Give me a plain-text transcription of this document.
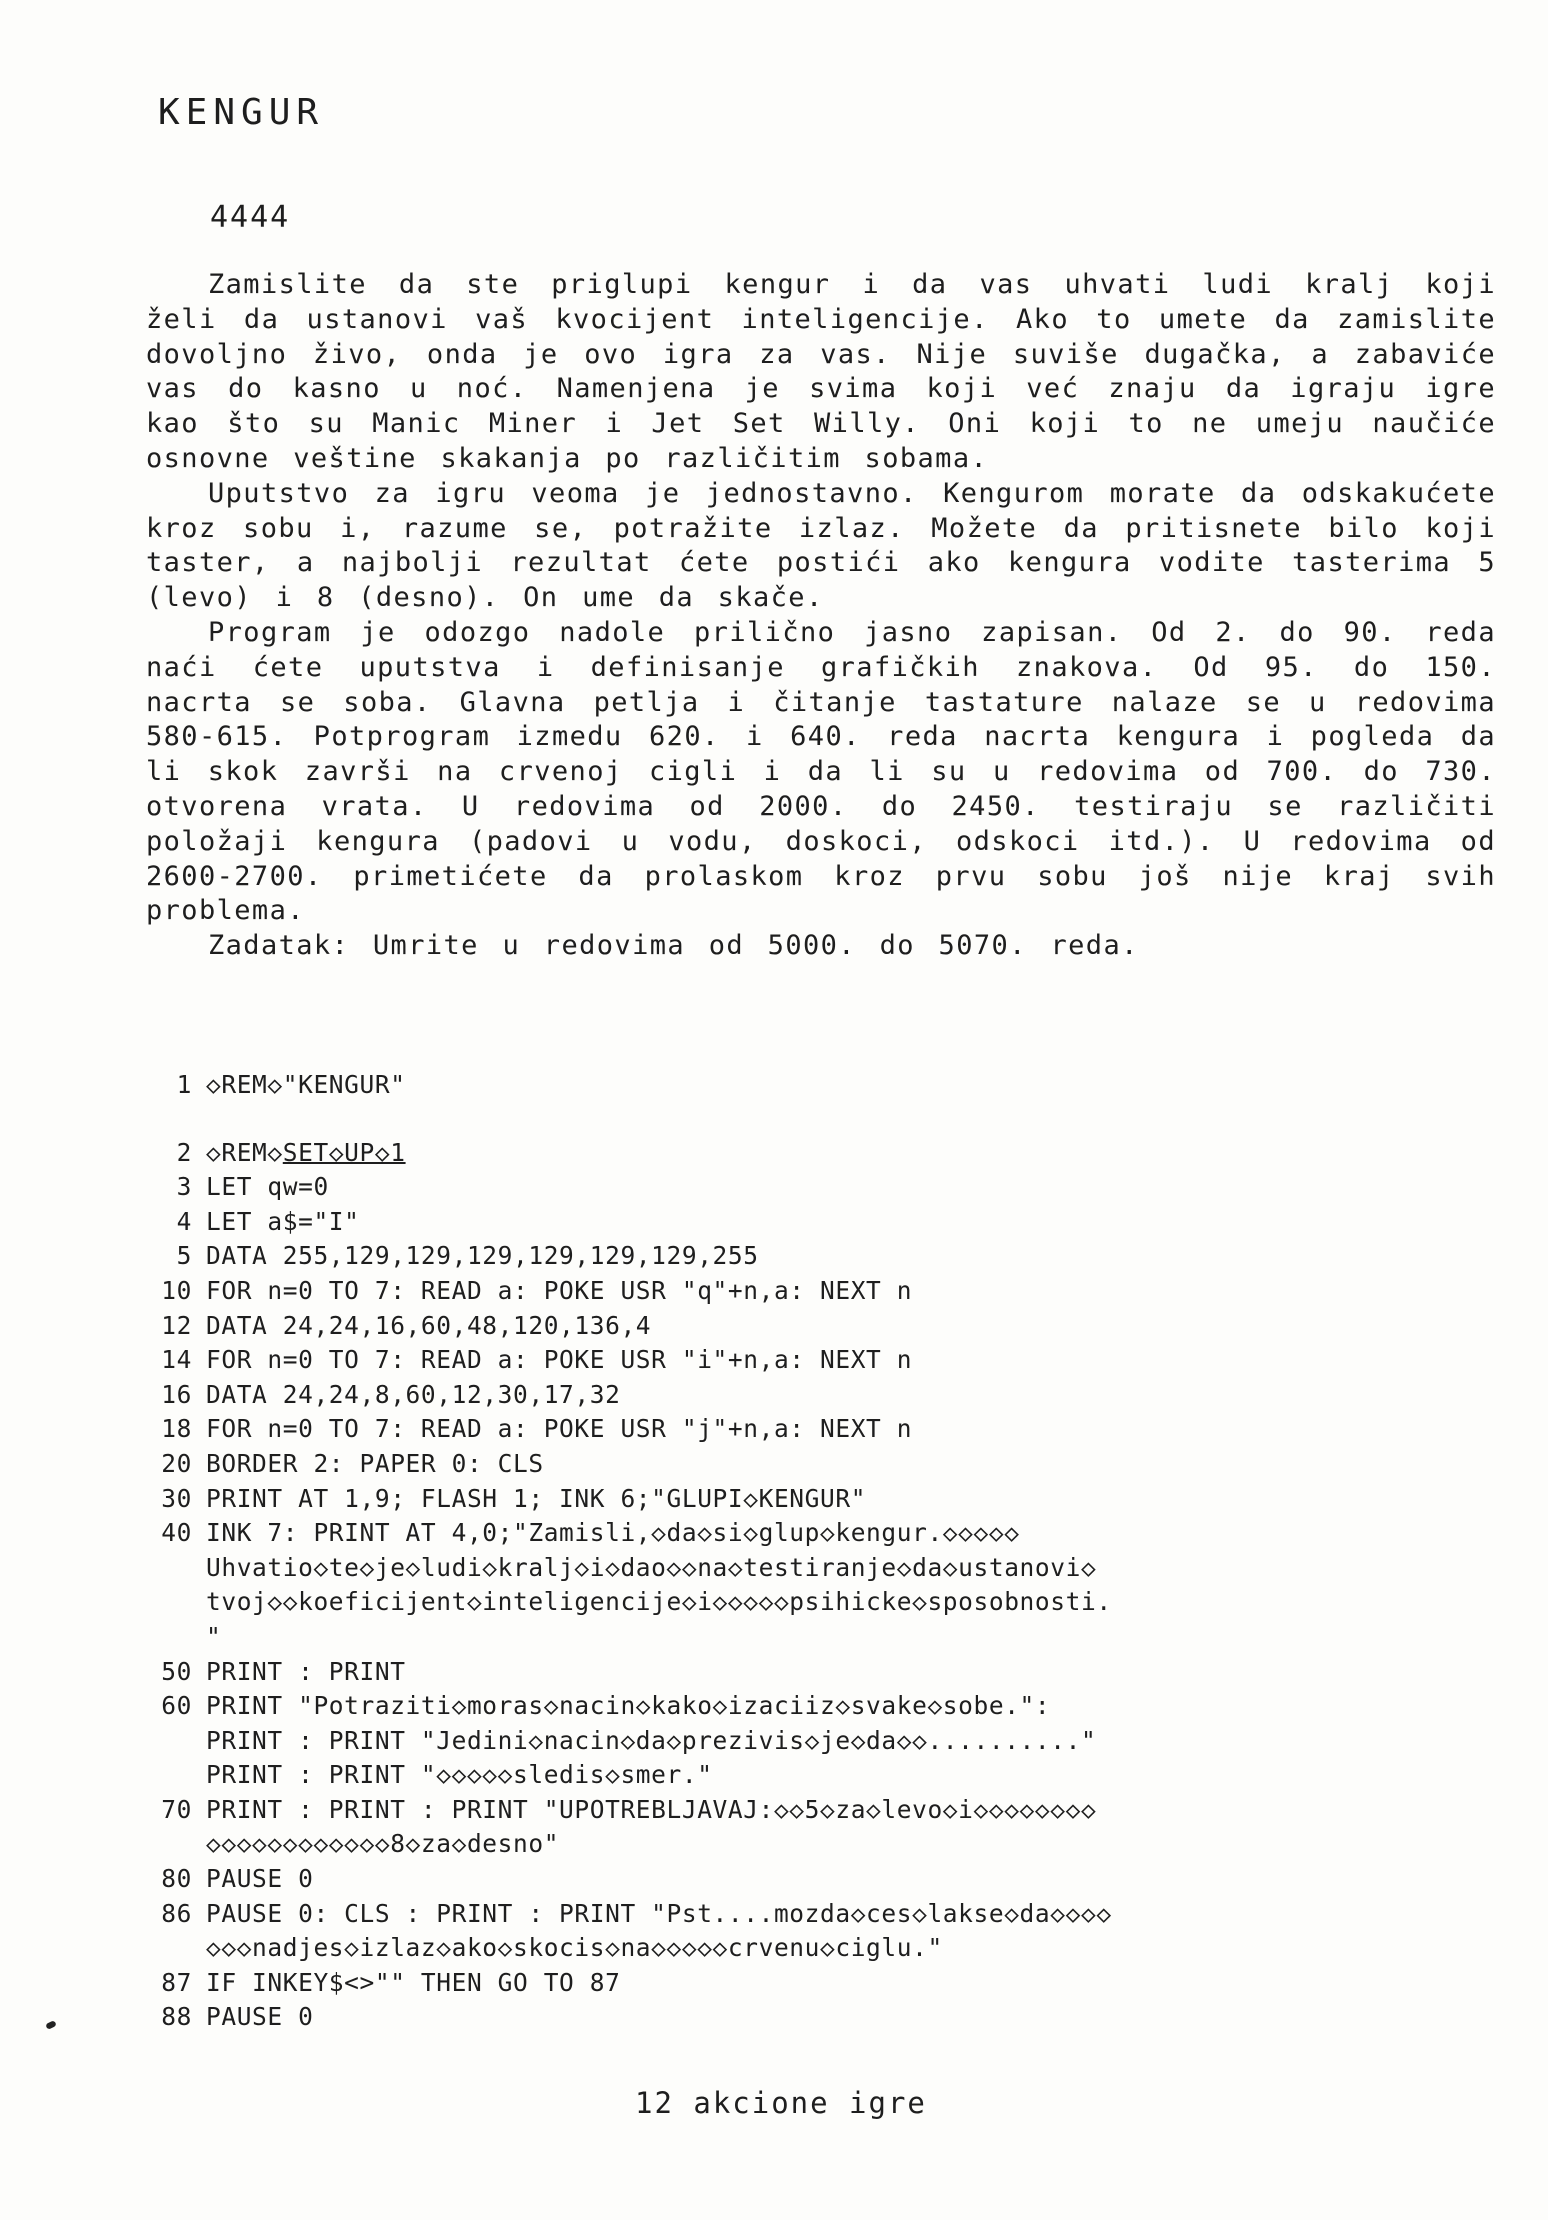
KENGUR
4444

Zamislite da ste priglupi kengur i da vas uhvati ludi kralj koji želi da ustanovi vaš kvocijent inteligencije. Ako to umete da zamislite dovoljno živo, onda je ovo igra za vas. Nije suviše dugačka, a zabaviće vas do kasno u noć. Namenjena je svima koji već znaju da igraju igre kao što su Manic Miner i Jet Set Willy. Oni koji to ne umeju naučiće osnovne veštine skakanja po različitim sobama.

Uputstvo za igru veoma je jednostavno. Kengurom morate da odskakućete kroz sobu i, razume se, potražite izlaz. Možete da pritisnete bilo koji taster, a najbolji rezultat ćete postići ako kengura vodite tasterima 5 (levo) i 8 (desno). On ume da skače.

Program je odozgo nadole prilično jasno zapisan. Od 2. do 90. reda naći ćete uputstva i definisanje grafičkih znakova. Od 95. do 150. nacrta se soba. Glavna petlja i čitanje tastature nalaze se u redovima 580-615. Potprogram izmedu 620. i 640. reda nacrta kengura i pogleda da li skok završi na crvenoj cigli i da li su u redovima od 700. do 730. otvorena vrata. U redovima od 2000. do 2450. testiraju se različiti položaji kengura (padovi u vodu, doskoci, odskoci itd.). U redovima od 2600-2700. primetićete da prolaskom kroz prvu sobu još nije kraj svih problema.

Zadatak: Umrite u redovima od 5000. do 5070. reda.

1 ◇REM◇"KENGUR"
2 ◇REM◇SET◇UP◇1
3 LET qw=0
4 LET a$="I"
5 DATA 255,129,129,129,129,129,129,255
10 FOR n=0 TO 7: READ a: POKE USR "q"+n,a: NEXT n
12 DATA 24,24,16,60,48,120,136,4
14 FOR n=0 TO 7: READ a: POKE USR "i"+n,a: NEXT n
16 DATA 24,24,8,60,12,30,17,32
18 FOR n=0 TO 7: READ a: POKE USR "j"+n,a: NEXT n
20 BORDER 2: PAPER 0: CLS
30 PRINT AT 1,9; FLASH 1; INK 6;"GLUPI◇KENGUR"
40 INK 7: PRINT AT 4,0;"Zamisli,◇da◇si◇glup◇kengur.◇◇◇◇◇
Uhvatio◇te◇je◇ludi◇kralj◇i◇dao◇◇na◇testiranje◇da◇ustanovi◇
tvoj◇◇koeficijent◇inteligencije◇i◇◇◇◇◇psihicke◇sposobnosti.
"
50 PRINT : PRINT
60 PRINT "Potraziti◇moras◇nacin◇kako◇izaciiz◇svake◇sobe.":
PRINT : PRINT "Jedini◇nacin◇da◇prezivis◇je◇da◇◇.........."
PRINT : PRINT "◇◇◇◇◇sledis◇smer."
70 PRINT : PRINT : PRINT "UPOTREBLJAVAJ:◇◇5◇za◇levo◇i◇◇◇◇◇◇◇◇
◇◇◇◇◇◇◇◇◇◇◇◇8◇za◇desno"
80 PAUSE 0
86 PAUSE 0: CLS : PRINT : PRINT "Pst....mozda◇ces◇lakse◇da◇◇◇◇
◇◇◇nadjes◇izlaz◇ako◇skocis◇na◇◇◇◇◇crvenu◇ciglu."
87 IF INKEY$<>"" THEN GO TO 87
88 PAUSE 0
12 akcione igre
